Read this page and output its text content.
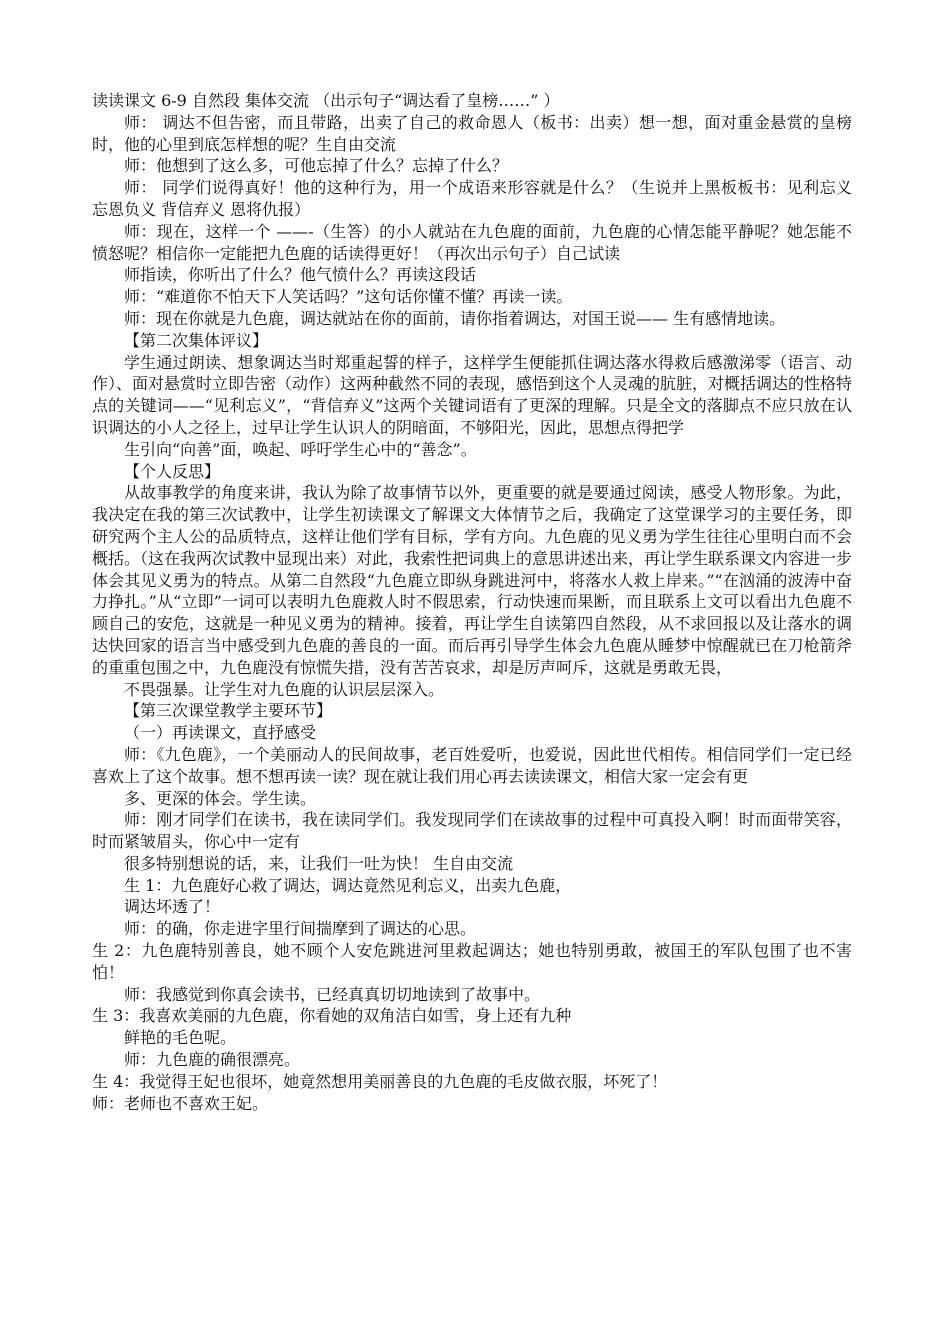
读读课文 6-9 自然段 集体交流 （出示句子“调达看了皇榜……” ）

师： 调达不但告密，而且带路，出卖了自己的救命恩人（板书：出卖）想一想，面对重金悬赏的皇榜时，他的心里到底怎样想的呢？生自由交流

师：他想到了这么多，可他忘掉了什么？忘掉了什么？

师： 同学们说得真好！他的这种行为，用一个成语来形容就是什么？（生说并上黑板板书：见利忘义 忘恩负义 背信弃义 恩将仇报）

师：现在，这样一个 ——-（生答）的小人就站在九色鹿的面前，九色鹿的心情怎能平静呢？她怎能不愤怒呢？相信你一定能把九色鹿的话读得更好！（再次出示句子）自己试读

师指读，你听出了什么？他气愤什么？再读这段话

师：“难道你不怕天下人笑话吗？”这句话你懂不懂？再读一读。

师：现在你就是九色鹿，调达就站在你的面前，请你指着调达，对国王说—— 生有感情地读。

【第二次集体评议】

学生通过朗读、想象调达当时郑重起誓的样子，这样学生便能抓住调达落水得救后感激涕零（语言、动作）、面对悬赏时立即告密（动作）这两种截然不同的表现，感悟到这个人灵魂的肮脏，对概括调达的性格特点的关键词——“见利忘义”，“背信弃义”这两个关键词语有了更深的理解。只是全文的落脚点不应只放在认识调达的小人之径上，过早让学生认识人的阴暗面，不够阳光，因此，思想点得把学

生引向“向善”面，唤起、呼吁学生心中的“善念”。

【个人反思】

从故事教学的角度来讲，我认为除了故事情节以外，更重要的就是要通过阅读，感受人物形象。为此，我决定在我的第三次试教中，让学生初读课文了解课文大体情节之后，我确定了这堂课学习的主要任务，即研究两个主人公的品质特点，这样让他们学有目标，学有方向。九色鹿的见义勇为学生往往心里明白而不会概括。（这在我两次试教中显现出来）对此，我索性把词典上的意思讲述出来，再让学生联系课文内容进一步体会其见义勇为的特点。从第二自然段“九色鹿立即纵身跳进河中，将落水人救上岸来。”“在汹涌的波涛中奋力挣扎。”从“立即”一词可以表明九色鹿救人时不假思索，行动快速而果断，而且联系上文可以看出九色鹿不顾自己的安危，这就是一种见义勇为的精神。接着，再让学生自读第四自然段，从不求回报以及让落水的调达快回家的语言当中感受到九色鹿的善良的一面。而后再引导学生体会九色鹿从睡梦中惊醒就已在刀枪箭斧的重重包围之中，九色鹿没有惊慌失措，没有苦苦哀求，却是厉声呵斥，这就是勇敢无畏，

不畏强暴。让学生对九色鹿的认识层层深入。

【第三次课堂教学主要环节】

（一）再读课文，直抒感受

师：《九色鹿》，一个美丽动人的民间故事，老百姓爱听，也爱说，因此世代相传。相信同学们一定已经喜欢上了这个故事。想不想再读一读？现在就让我们用心再去读读课文，相信大家一定会有更

多、更深的体会。学生读。

师：刚才同学们在读书，我在读同学们。我发现同学们在读故事的过程中可真投入啊！时而面带笑容，时而紧皱眉头，你心中一定有

很多特别想说的话，来，让我们一吐为快！ 生自由交流

生 1：九色鹿好心救了调达，调达竟然见利忘义，出卖九色鹿，

调达坏透了！

师：的确，你走进字里行间揣摩到了调达的心思。

生 2：九色鹿特别善良，她不顾个人安危跳进河里救起调达；她也特别勇敢，被国王的军队包围了也不害怕！

师：我感觉到你真会读书，已经真真切切地读到了故事中。

生 3：我喜欢美丽的九色鹿，你看她的双角洁白如雪，身上还有九种

鲜艳的毛色呢。

师：九色鹿的确很漂亮。

生 4：我觉得王妃也很坏，她竟然想用美丽善良的九色鹿的毛皮做衣服，坏死了！

师：老师也不喜欢王妃。
